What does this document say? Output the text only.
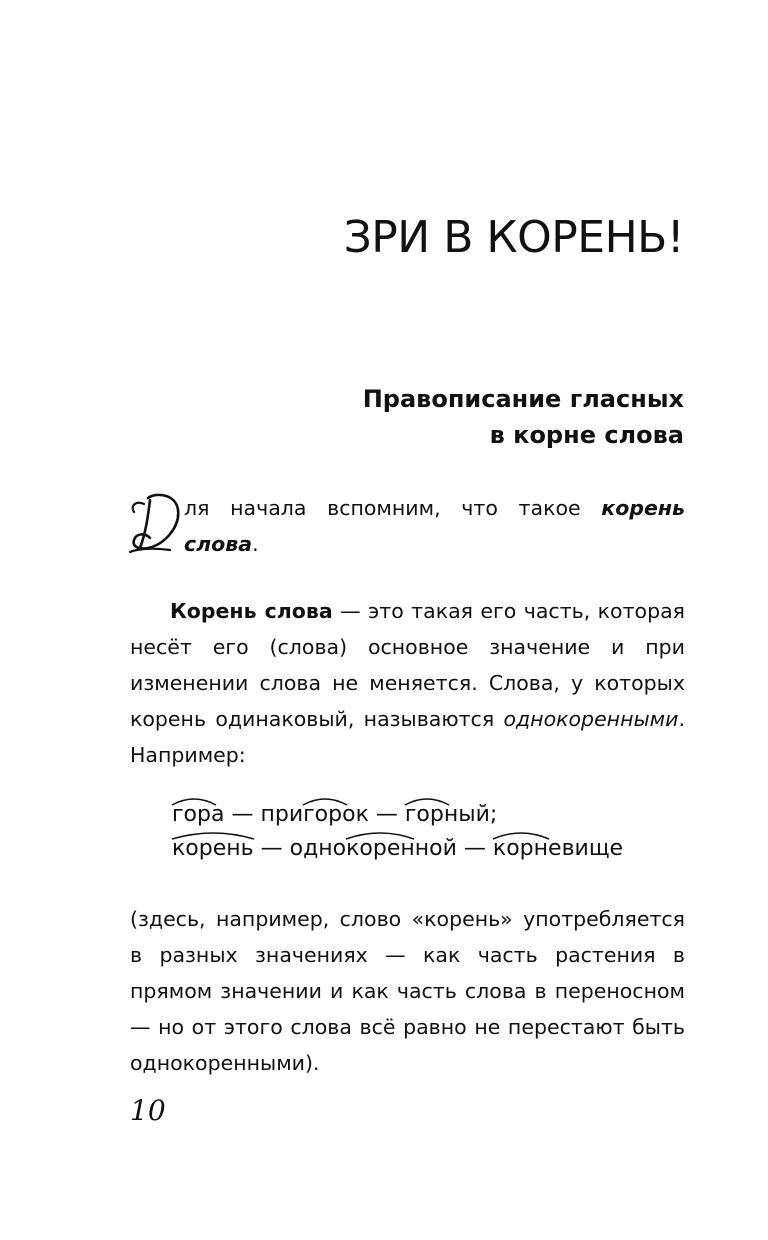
ЗРИ В КОРЕНЬ!
Правописание гласных
в корне слова

ля начала вспомним, что такое корень слова.

Корень слова — это такая его часть, которая несёт его (слова) основное значение и при изменении слова не меняется. Слова, у которых корень одинаковый, называются однокоренными. Например:

гора — при
горок —
горный;
корень — одно
коренной —
корневище

(здесь, например, слово «корень» употребляется в разных значениях — как часть растения в прямом значении и как часть слова в переносном — но от этого слова всё равно не перестают быть однокоренными).

10
